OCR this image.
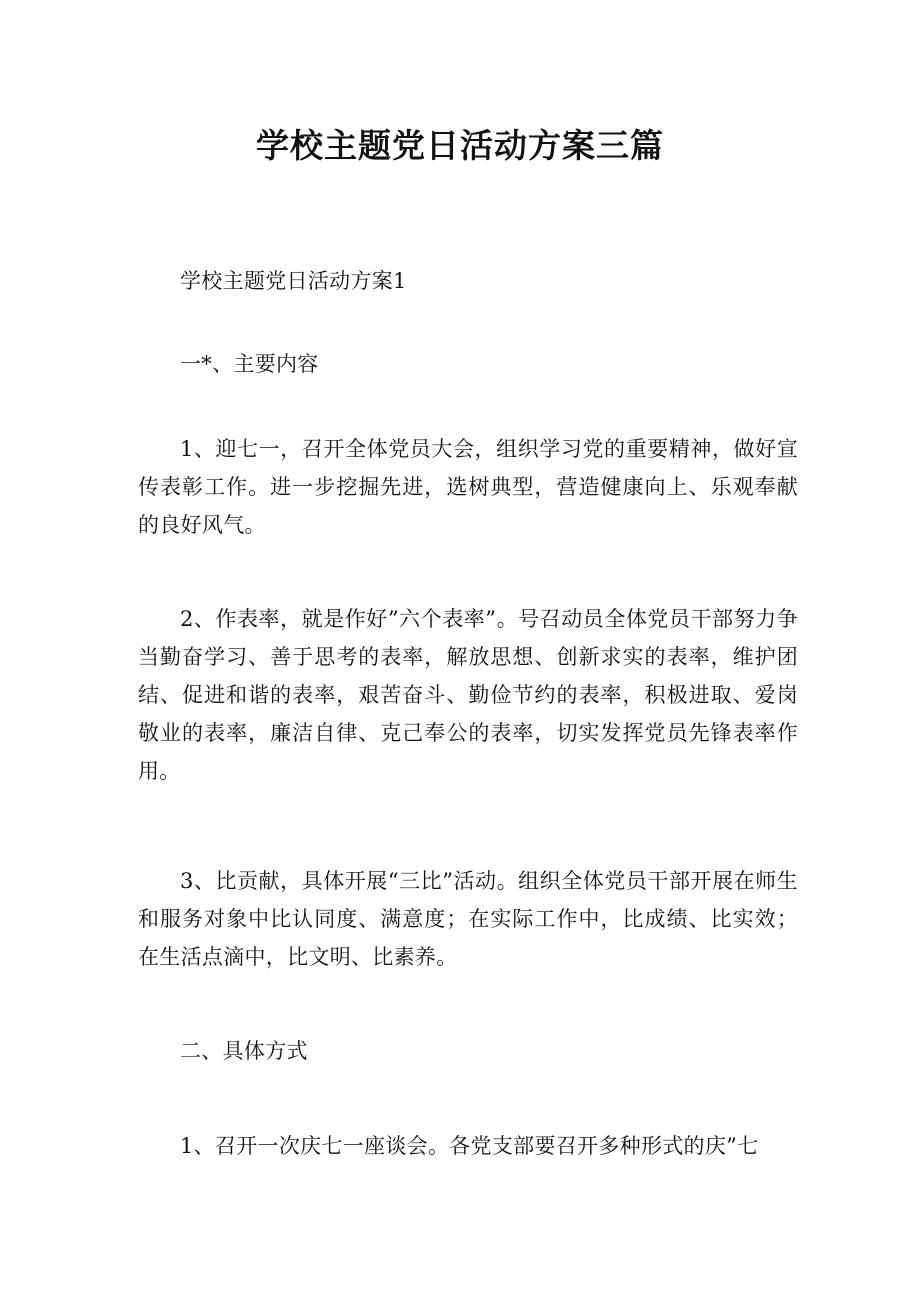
学校主题党日活动方案三篇

学校主题党日活动方案1

一*、主要内容

1、迎七一，召开全体党员大会，组织学习党的重要精神，做好宣传表彰工作。进一步挖掘先进，选树典型，营造健康向上、乐观奉献的良好风气。

2、作表率，就是作好”六个表率”。号召动员全体党员干部努力争当勤奋学习、善于思考的表率，解放思想、创新求实的表率，维护团结、促进和谐的表率，艰苦奋斗、勤俭节约的表率，积极进取、爱岗敬业的表率，廉洁自律、克己奉公的表率，切实发挥党员先锋表率作用。

3、比贡献，具体开展“三比”活动。组织全体党员干部开展在师生和服务对象中比认同度、满意度；在实际工作中，比成绩、比实效；在生活点滴中，比文明、比素养。

二、具体方式

1、召开一次庆七一座谈会。各党支部要召开多种形式的庆”七
